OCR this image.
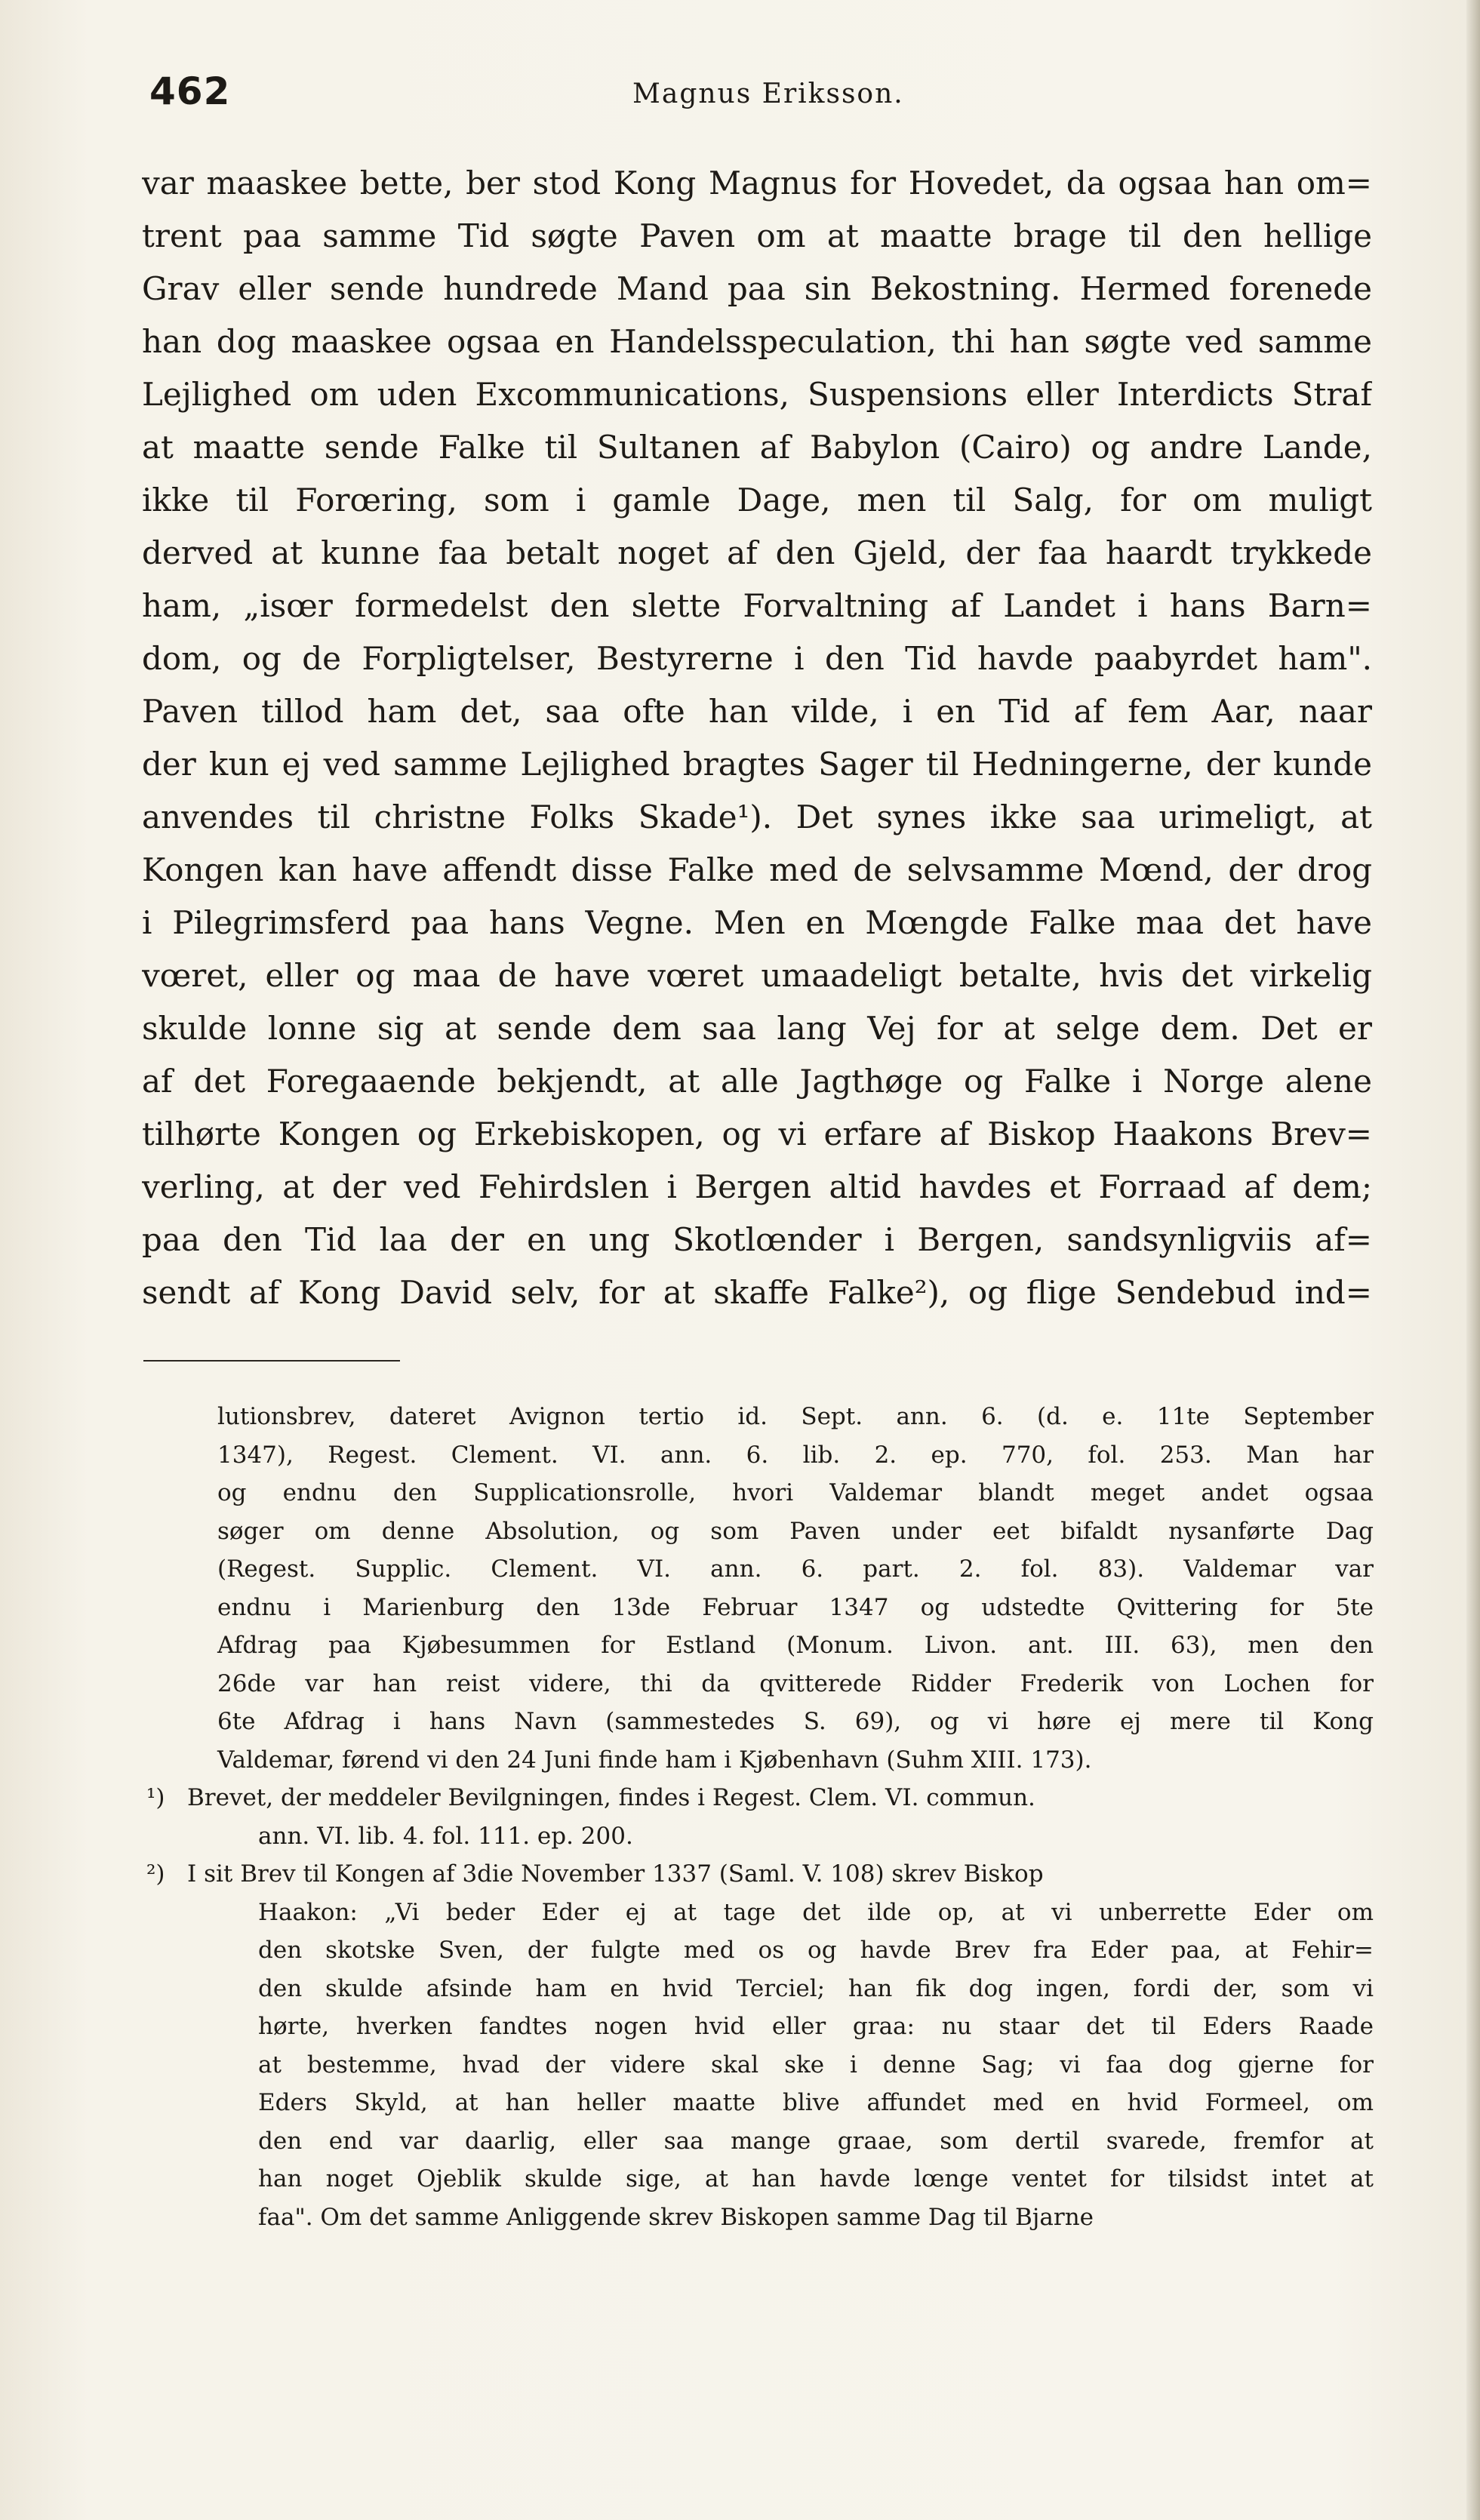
462	Magnus Eriksson.
var maaskee bette, ber stod Kong Magnus for Hovedet, da ogsaa han om=
trent paa samme Tid søgte Paven om at maatte brage til den hellige
Grav eller sende hundrede Mand paa sin Bekostning. Hermed forenede
han dog maaskee ogsaa en Handelsspeculation, thi han søgte ved samme
Lejlighed om uden Excommunications, Suspensions eller Interdicts Straf
at maatte sende Falke til Sultanen af Babylon (Cairo) og andre Lande,
ikke til Forœring, som i gamle Dage, men til Salg, for om muligt
derved at kunne faa betalt noget af den Gjeld, der faa haardt trykkede
ham, „isœr formedelst den slette Forvaltning af Landet i hans Barn=
dom, og de Forpligtelser, Bestyrerne i den Tid havde paabyrdet ham".
Paven tillod ham det, saa ofte han vilde, i en Tid af fem Aar, naar
der kun ej ved samme Lejlighed bragtes Sager til Hedningerne, der kunde
anvendes til christne Folks Skade¹). Det synes ikke saa urimeligt, at
Kongen kan have affendt disse Falke med de selvsamme Mœnd, der drog
i Pilegrimsferd paa hans Vegne. Men en Mœngde Falke maa det have
vœret, eller og maa de have vœret umaadeligt betalte, hvis det virkelig
skulde lonne sig at sende dem saa lang Vej for at selge dem. Det er
af det Foregaaende bekjendt, at alle Jagthøge og Falke i Norge alene
tilhørte Kongen og Erkebiskopen, og vi erfare af Biskop Haakons Brev=
verling, at der ved Fehirdslen i Bergen altid havdes et Forraad af dem;
paa den Tid laa der en ung Skotlœnder i Bergen, sandsynligviis af=
sendt af Kong David selv, for at skaffe Falke²), og flige Sendebud ind=
lutionsbrev, dateret Avignon tertio id. Sept. ann. 6. (d. e. 11te September
1347), Regest. Clement. VI. ann. 6. lib. 2. ep. 770, fol. 253. Man har
og endnu den Supplicationsrolle, hvori Valdemar blandt meget andet ogsaa
søger om denne Absolution, og som Paven under eet bifaldt nysanførte Dag
(Regest. Supplic. Clement. VI. ann. 6. part. 2. fol. 83). Valdemar var
endnu i Marienburg den 13de Februar 1347 og udstedte Qvittering for 5te
Afdrag paa Kjøbesummen for Estland (Monum. Livon. ant. III. 63), men den
26de var han reist videre, thi da qvitterede Ridder Frederik von Lochen for
6te Afdrag i hans Navn (sammestedes S. 69), og vi høre ej mere til Kong
Valdemar, førend vi den 24 Juni finde ham i Kjøbenhavn (Suhm XIII. 173).
¹) Brevet, der meddeler Bevilgningen, findes i Regest. Clem. VI. commun.
ann. VI. lib. 4. fol. 111. ep. 200.
²) I sit Brev til Kongen af 3die November 1337 (Saml. V. 108) skrev Biskop
Haakon: „Vi beder Eder ej at tage det ilde op, at vi unberrette Eder om
den skotske Sven, der fulgte med os og havde Brev fra Eder paa, at Fehir=
den skulde afsinde ham en hvid Terciel; han fik dog ingen, fordi der, som vi
hørte, hverken fandtes nogen hvid eller graa: nu staar det til Eders Raade
at bestemme, hvad der videre skal ske i denne Sag; vi faa dog gjerne for
Eders Skyld, at han heller maatte blive affundet med en hvid Formeel, om
den end var daarlig, eller saa mange graae, som dertil svarede, fremfor at
han noget Ojeblik skulde sige, at han havde lœnge ventet for tilsidst intet at
faa". Om det samme Anliggende skrev Biskopen samme Dag til Bjarne
